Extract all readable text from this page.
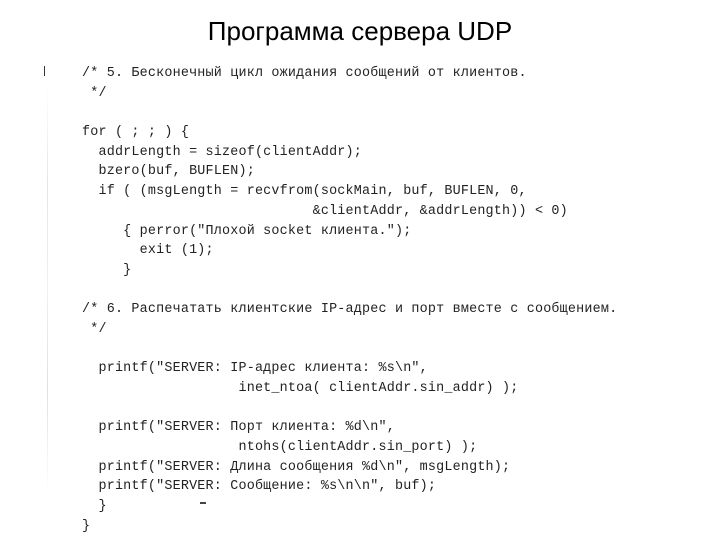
Программа сервера UDP
/* 5. Бесконечный цикл ожидания сообщений от клиентов.
*/
for ( ; ; ) {
addrLength = sizeof(clientAddr);
bzero(buf, BUFLEN);
if ( (msgLength = recvfrom(sockMain, buf, BUFLEN, 0,
&clientAddr, &addrLength)) < 0)
{ perror("Плохой socket клиента.");
exit (1);
}
/* 6. Распечатать клиентские IP-адрес и порт вместе с сообщением.
*/
printf("SERVER: IP-адрес клиента: %s\n",
inet_ntoa( clientAddr.sin_addr) );
printf("SERVER: Порт клиента: %d\n",
ntohs(clientAddr.sin_port) );
printf("SERVER: Длина сообщения %d\n", msgLength);
printf("SERVER: Сообщение: %s\n\n", buf);
}
}
